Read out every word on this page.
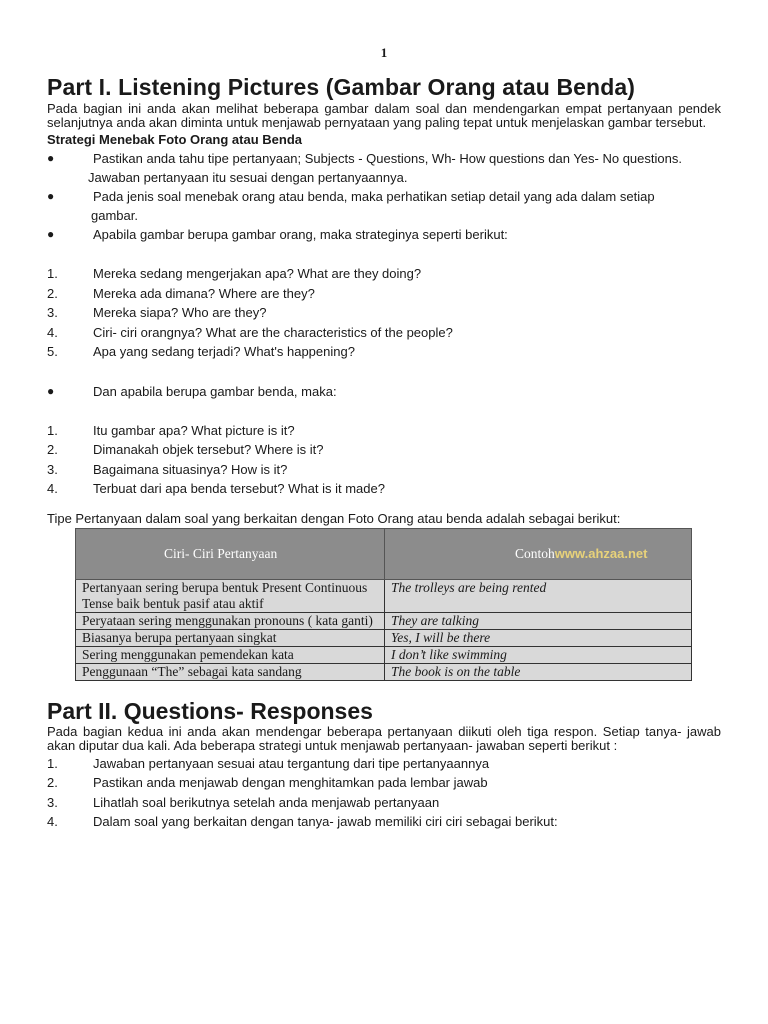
1
Part I. Listening Pictures (Gambar Orang atau Benda)

Pada bagian ini anda akan melihat beberapa gambar dalam soal dan mendengarkan empat pertanyaan pendek selanjutnya anda akan diminta untuk menjawab pernyataan yang paling tepat untuk menjelaskan gambar tersebut.

Strategi Menebak Foto Orang atau Benda
●	Pastikan anda tahu tipe pertanyaan; Subjects - Questions, Wh- How questions dan Yes- No questions.
Jawaban pertanyaan itu sesuai dengan pertanyaannya.
●	Pada jenis soal menebak orang atau benda, maka perhatikan setiap detail yang ada dalam setiap
gambar.
●	Apabila gambar berupa gambar orang, maka strateginya seperti berikut:
1.	Mereka sedang mengerjakan apa? What are they doing?
2.	Mereka ada dimana? Where are they?
3.	Mereka siapa? Who are they?
4.	Ciri- ciri orangnya? What are the characteristics of the people?
5.	Apa yang sedang terjadi? What's happening?
●	Dan apabila berupa gambar benda, maka:
1.	Itu gambar apa? What picture is it?
2.	Dimanakah objek tersebut? Where is it?
3.	Bagaimana situasinya? How is it?
4.	Terbuat dari apa benda tersebut? What is it made?
Tipe Pertanyaan dalam soal yang berkaitan dengan Foto Orang atau benda adalah sebagai berikut:
Ciri- Ciri Pertanyaan	Contohwww.ahzaa.net
Pertanyaan sering berupa bentuk Present Continuous Tense baik bentuk pasif atau aktif	The trolleys are being rented
Peryataan sering menggunakan pronouns ( kata ganti)	They are talking
Biasanya berupa pertanyaan singkat	Yes, I will be there
Sering menggunakan pemendekan kata	I don’t like swimming
Penggunaan “The” sebagai kata sandang	The book is on the table
Part II. Questions- Responses

Pada bagian kedua ini anda akan mendengar beberapa pertanyaan diikuti oleh tiga respon. Setiap tanya- jawab akan diputar dua kali. Ada beberapa strategi untuk menjawab pertanyaan- jawaban seperti berikut :

1.	Jawaban pertanyaan sesuai atau tergantung dari tipe pertanyaannya
2.	Pastikan anda menjawab dengan menghitamkan pada lembar jawab
3.	Lihatlah soal berikutnya setelah anda menjawab pertanyaan
4.	Dalam soal yang berkaitan dengan tanya- jawab memiliki ciri ciri sebagai berikut:
